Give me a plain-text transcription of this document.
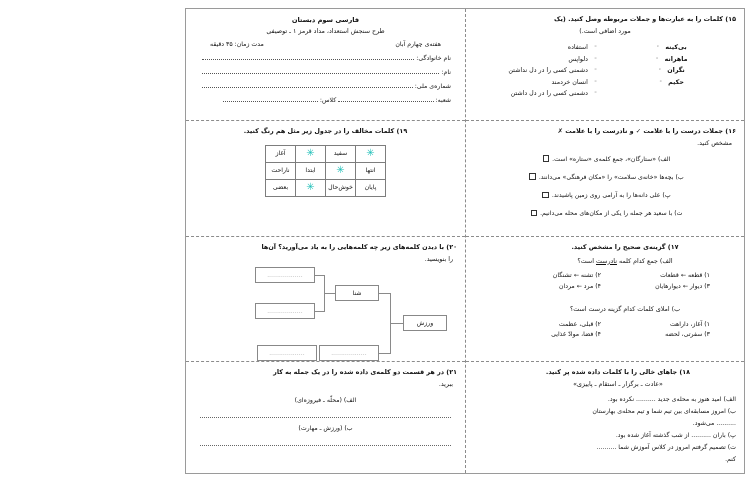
۱۵) کلمات را به عبارت‌ها و جملات مربوطه وصل کنید. (یک

مورد اضافی است.)

بی‌کینه ◦
ماهرانه ◦
نگران ◦
حکیم ◦
◦ استفاده
◦ دلواپس
◦ دشمنی کسی را در دل نداشتن
◦ انسان خردمند
◦ دشمنی کسی را در دل داشتن

۱۶) جملات درست را با علامت ✓ و نادرست را با علامت ✗

مشخص کنید.

الف) «ستارگان»، جمع کلمه‌ی «ستاره» است.

ب) بچه‌ها «خانه‌ی سلامت» را «مکان فرهنگی» می‌دانند.

پ) علی دانه‌ها را به آرامی روی زمین پاشیدند.

ت) با سعید هر جمله را یکی از مکان‌های محله می‌دانیم.

۱۷) گزینه‌ی صحیح را مشخص کنید.

الف) جمع کدام کلمه نادرست است؟

۱) قطعه ← قطعات
۳) دیوار ← دیوارهایان
۲) تشنه ← تشنگان
۴) مرد ← مردان

ب) املای کلمات کدام گزینه درست است؟

۱) آغاز، داراهت
۳) سفرتی، لحضه
۲) قبلی، عظمت
۴) فضا، موادّ غذایی

۱۸) جاهای خالی را با کلمات داده شده پر کنید.

«عادت ـ برگزار ـ استقام ـ پاییزی»

الف) امید هنوز به محله‌ی جدید .......... نکرده بود.

ب) امروز مسابقه‌ای بین تیم شما و تیم محله‌ی بهارستان

.......... می‌شود.

پ) باران .......... از شب گذشته آغاز شده بود.

ت) تصمیم گرفتم امروز در کلاس آموزش شما ..........

کنم.

فارسی سوم دبستان

طرح سنجش استعداد، مداد قرمز ۱ ـ توصیفی

هفته‌ی چهارم آبان
مدت زمان: ۳۵ دقیقه
نام خانوادگی:
نام:
شماره‌ی ملی:
شعبه:
کلاس:

۱۹) کلمات مخالف را در جدول زیر مثل هم رنگ کنید.

✳	سفید	✳	آغاز
انتها	✳	ابتدا	ناراحت
پایان	خوش‌حال	✳	بعضی

۲۰) با دیدن کلمه‌های زیر چه کلمه‌هایی را به یاد می‌آورید؟ آن‌ها

را بنویسید.

ورزش
شنا
.....
.....
.....
.....

۲۱) در هر قسمت دو کلمه‌ی داده شده را در یک جمله به کار

ببرید.

الف) (محلّه ـ فیروزه‌ای)

ب) (ورزش ـ مهارت)
